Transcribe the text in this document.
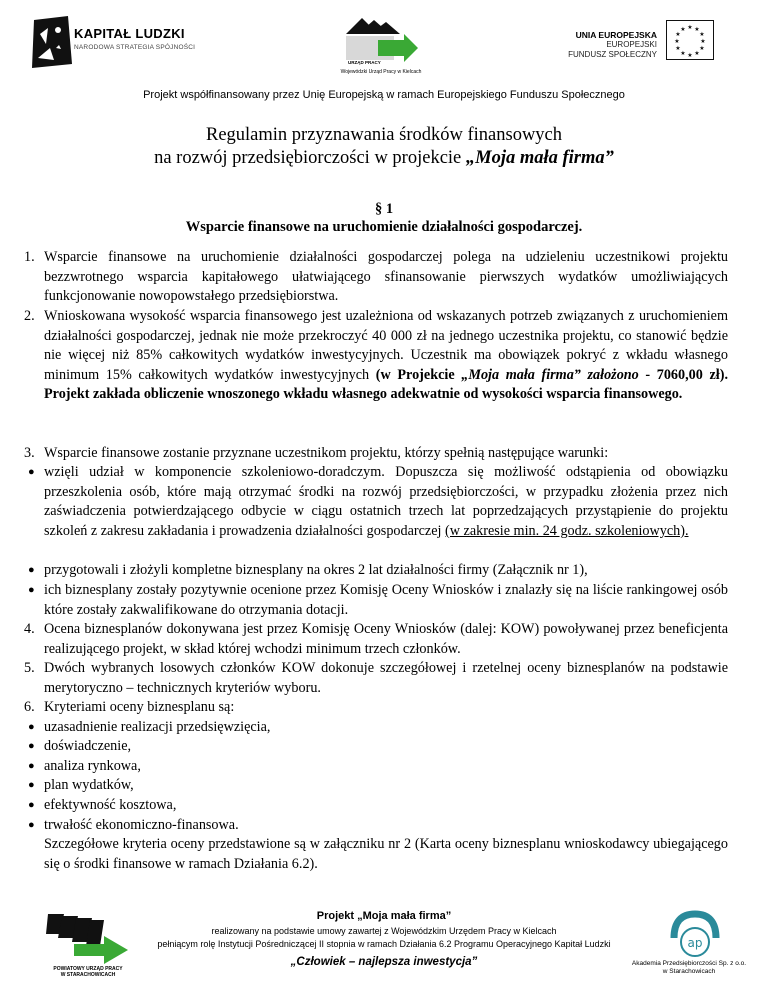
KAPITAŁ LUDZKI
NARODOWA STRATEGIA SPÓJNOŚCI
URZĄD PRACY
Wojewódzki Urząd Pracy w Kielcach
UNIA EUROPEJSKA
EUROPEJSKI
FUNDUSZ SPOŁECZNY
★ ★
★
★
★
★
★
★
★
★
★
★
Projekt współfinansowany przez Unię Europejską w ramach Europejskiego Funduszu Społecznego
Regulamin przyznawania środków finansowych
na rozwój przedsiębiorczości w projekcie „Moja mała firma”
§ 1
Wsparcie finansowe na uruchomienie działalności gospodarczej.
1. Wsparcie finansowe na uruchomienie działalności gospodarczej polega na udzieleniu uczestnikowi projektu bezzwrotnego wsparcia kapitałowego ułatwiającego sfinansowanie pierwszych wydatków umożliwiających funkcjonowanie nowopowstałego przedsiębiorstwa.
2. Wnioskowana wysokość wsparcia finansowego jest uzależniona od wskazanych potrzeb związanych z uruchomieniem działalności gospodarczej, jednak nie może przekroczyć 40 000 zł na jednego uczestnika projektu, co stanowić będzie nie więcej niż 85% całkowitych wydatków inwestycyjnych. Uczestnik ma obowiązek pokryć z wkładu własnego minimum 15% całkowitych wydatków inwestycyjnych (w Projekcie „Moja mała firma” założono - 7060,00 zł). Projekt zakłada obliczenie wnoszonego wkładu własnego adekwatnie od wysokości wsparcia finansowego.
3. Wsparcie finansowe zostanie przyznane uczestnikom projektu, którzy spełnią następujące warunki:
● wzięli udział w komponencie szkoleniowo-doradczym. Dopuszcza się możliwość odstąpienia od obowiązku przeszkolenia osób, które mają otrzymać środki na rozwój przedsiębiorczości, w przypadku złożenia przez nich zaświadczenia potwierdzającego odbycie w ciągu ostatnich trzech lat poprzedzających przystąpienie do projektu szkoleń z zakresu zakładania i prowadzenia działalności gospodarczej (w zakresie min. 24 godz. szkoleniowych).
● przygotowali i złożyli kompletne biznesplany na okres 2 lat działalności firmy (Załącznik nr 1),
● ich biznesplany zostały pozytywnie ocenione przez Komisję Oceny Wniosków i znalazły się na liście rankingowej osób które zostały zakwalifikowane do otrzymania dotacji.
4. Ocena biznesplanów dokonywana jest przez Komisję Oceny Wniosków (dalej: KOW) powoływanej przez beneficjenta realizującego projekt, w skład której wchodzi minimum trzech członków.
5. Dwóch wybranych losowych członków KOW dokonuje szczegółowej i rzetelnej oceny biznesplanów na podstawie merytoryczno – technicznych kryteriów wyboru.
6. Kryteriami oceny biznesplanu są:
● uzasadnienie realizacji przedsięwzięcia,
● doświadczenie,
● analiza rynkowa,
● plan wydatków,
● efektywność kosztowa,
● trwałość ekonomiczno-finansowa.
Szczegółowe kryteria oceny przedstawione są w załączniku nr 2 (Karta oceny biznesplanu wnioskodawcy ubiegającego się o środki finansowe w ramach Działania 6.2).
POWIATOWY URZĄD PRACY
W STARACHOWICACH
Projekt „Moja mała firma”
realizowany na podstawie umowy zawartej z Wojewódzkim Urzędem Pracy w Kielcach
pełniącym rolę Instytucji Pośredniczącej II stopnia w ramach Działania 6.2 Programu Operacyjnego Kapitał Ludzki
„Człowiek – najlepsza inwestycja”
ap
Akademia Przedsiębiorczości Sp. z o.o.
w Starachowicach
